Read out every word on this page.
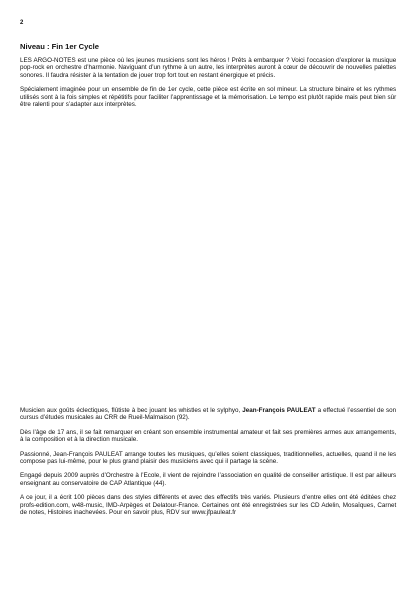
2
Niveau : Fin 1er Cycle

LES ARGO-NOTES est une pièce où les jeunes musiciens sont les héros ! Prêts à embarquer ? Voici l’occasion d’explorer la musique pop-rock en orchestre d’harmonie. Naviguant d’un rythme à un autre, les interprètes auront à cœur de découvrir de nouvelles palettes sonores. Il faudra résister à la tentation de jouer trop fort tout en restant énergique et précis.

Spécialement imaginée pour un ensemble de fin de 1er cycle, cette pièce est écrite en sol mineur. La structure binaire et les rythmes utilisés sont à la fois simples et répétitifs pour faciliter l’apprentissage et la mémorisation. Le tempo est plutôt rapide mais peut bien sûr être ralenti pour s’adapter aux interprètes.

Musicien aux goûts éclectiques, flûtiste à bec jouant les whistles et le sylphyo, Jean-François PAULEAT a effectué l’essentiel de son cursus d’études musicales au CRR de Rueil-Malmaison (92).

Dès l’âge de 17 ans, il se fait remarquer en créant son ensemble instrumental amateur et fait ses premières armes aux arrangements, à la composition et à la direction musicale.

Passionné, Jean-François PAULEAT arrange toutes les musiques, qu’elles soient classiques, traditionnelles, actuelles, quand il ne les compose pas lui-même, pour le plus grand plaisir des musiciens avec qui il partage la scène.

Engagé depuis 2009 auprès d’Orchestre à l’Ecole, il vient de rejoindre l’association en qualité de conseiller artistique. Il est par ailleurs enseignant au conservatoire de CAP Atlantique (44).

A ce jour, il a écrit 100 pièces dans des styles différents et avec des effectifs très variés. Plusieurs d’entre elles ont été éditées chez profs-edition.com, w48-music, IMD-Arpèges et Delatour-France. Certaines ont été enregistrées sur les CD Adelin, Mosaïques, Carnet de notes, Histoires inachevées. Pour en savoir plus, RDV sur www.jfpauleat.fr
